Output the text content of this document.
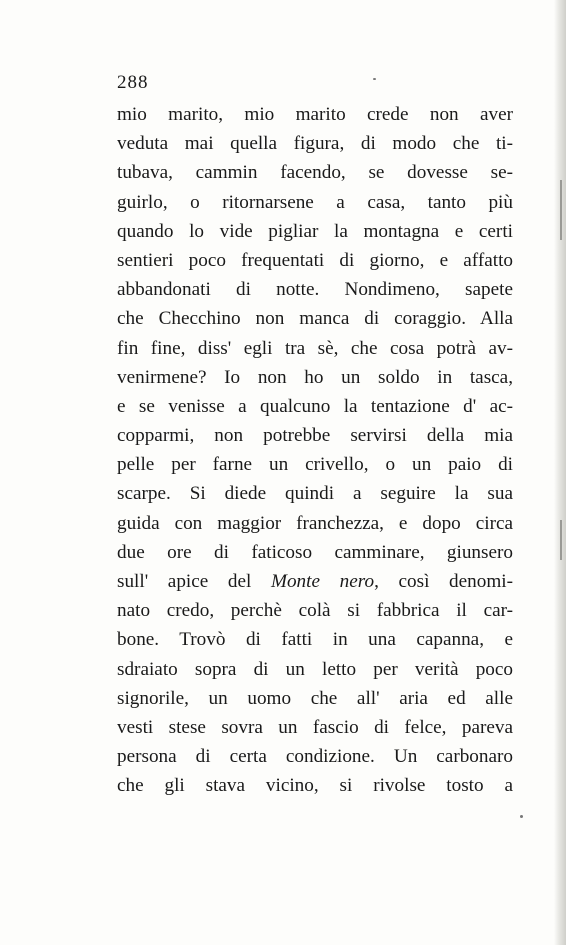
288
mio marito, mio marito crede non aver
veduta mai quella figura, di modo che ti-
tubava, cammin facendo, se dovesse se-
guirlo, o ritornarsene a casa, tanto più
quando lo vide pigliar la montagna e certi
sentieri poco frequentati di giorno, e affatto
abbandonati di notte. Nondimeno, sapete
che Checchino non manca di coraggio. Alla
fin fine, diss' egli tra sè, che cosa potrà av-
venirmene? Io non ho un soldo in tasca,
e se venisse a qualcuno la tentazione d' ac-
copparmi, non potrebbe servirsi della mia
pelle per farne un crivello, o un paio di
scarpe. Si diede quindi a seguire la sua
guida con maggior franchezza, e dopo circa
due ore di faticoso camminare, giunsero
sull' apice del Monte nero, così denomi-
nato credo, perchè colà si fabbrica il car-
bone. Trovò di fatti in una capanna, e
sdraiato sopra di un letto per verità poco
signorile, un uomo che all' aria ed alle
vesti stese sovra un fascio di felce, pareva
persona di certa condizione. Un carbonaro
che gli stava vicino, si rivolse tosto a
